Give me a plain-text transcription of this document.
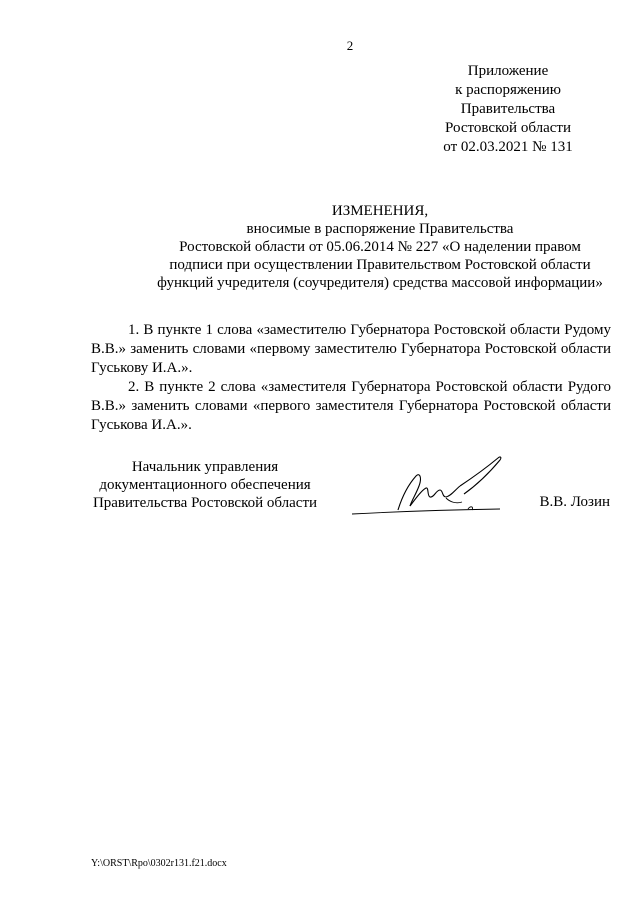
2
Приложение
к распоряжению
Правительства
Ростовской области
от 02.03.2021 № 131
ИЗМЕНЕНИЯ,
вносимые в распоряжение Правительства
Ростовской области от 05.06.2014 № 227 «О наделении правом
подписи при осуществлении Правительством Ростовской области
функций учредителя (соучредителя) средства массовой информации»

1. В пункте 1 слова «заместителю Губернатора Ростовской области Рудому В.В.» заменить словами «первому заместителю Губернатора Ростовской области Гуськову И.А.».

2. В пункте 2 слова «заместителя Губернатора Ростовской области Рудого В.В.» заменить словами «первого заместителя Губернатора Ростовской области Гуськова И.А.».

Начальник управления
документационного обеспечения
Правительства Ростовской области	В.В. Лозин
Y:\ORST\Rpo\0302r131.f21.docx
